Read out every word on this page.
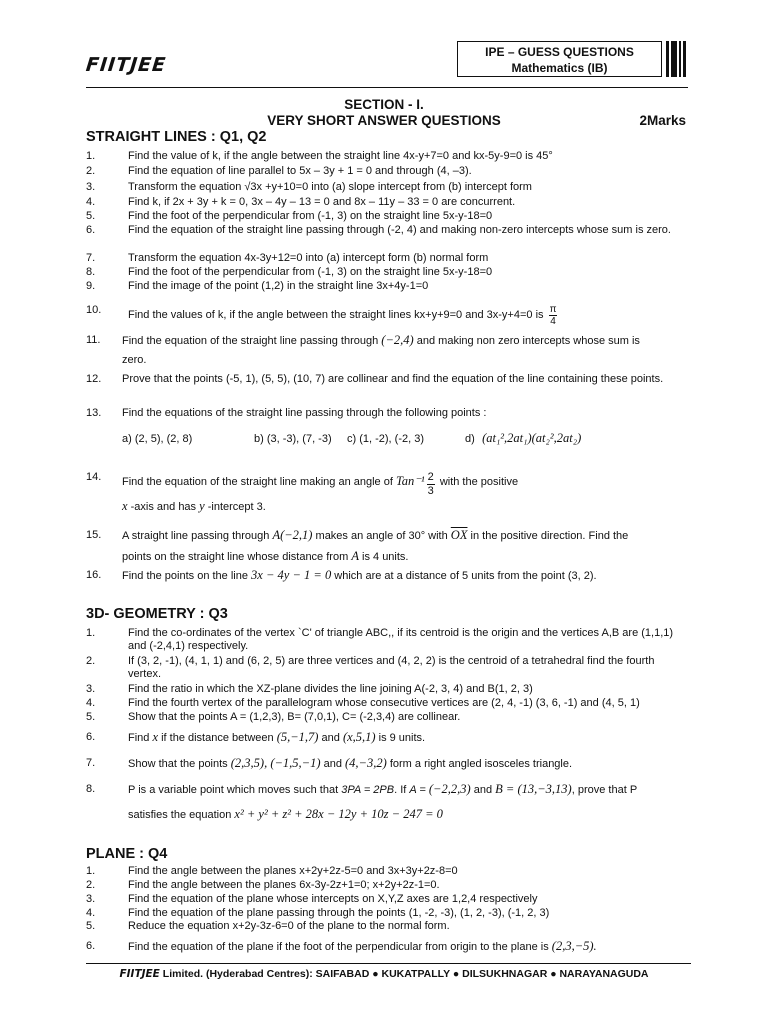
FIITJEE
IPE – GUESS QUESTIONS
Mathematics (IB)
SECTION - I.
VERY SHORT ANSWER QUESTIONS	2Marks
STRAIGHT LINES : Q1, Q2
1.	Find the value of k, if the angle between the straight line 4x-y+7=0 and kx-5y-9=0 is 45°
2.	Find the equation of line parallel to 5x – 3y + 1 = 0 and through (4, –3).
3.	Transform the equation √3x +y+10=0 into (a) slope intercept from (b) intercept form
4.	Find k, if 2x + 3y + k = 0, 3x – 4y – 13 = 0 and 8x – 11y – 33 = 0 are concurrent.
5.	Find the foot of the perpendicular from (-1, 3) on the straight line 5x-y-18=0
6.	Find the equation of the straight line passing through (-2, 4) and making non-zero intercepts whose sum is zero.
7.	Transform the equation 4x-3y+12=0 into (a) intercept form (b) normal form
8.	Find the foot of the perpendicular from (-1, 3) on the straight line 5x-y-18=0
9.	Find the image of the point (1,2) in the straight line 3x+4y-1=0
10. Find the values of k, if the angle between the straight lines kx+y+9=0 and 3x-y+4=0 is $\frac{\pi}{4}$
11. Find the equation of the straight line passing through (−2,4) and making non zero intercepts whose sum is
zero.
12. Prove that the points (-5, 1), (5, 5), (10, 7) are collinear and find the equation of the line containing these points.
13. Find the equations of the straight line passing through the following points :
a) (2, 5), (2, 8)	b) (3, -3), (7, -3) c) (1, -2), (-2, 3)	d) (at₁²,2at₁)(at₂²,2at₂)
14. Find the equation of the straight line making an angle of $Tan^{-1} \frac{2}{3}$ with the positive
x -axis and has y -intercept 3.
15. A straight line passing through A(−2,1) makes an angle of 30° with $\overline{OX}$ in the positive direction. Find the
points on the straight line whose distance from A is 4 units.
16. Find the points on the line 3x − 4y − 1 = 0 which are at a distance of 5 units from the point (3, 2).
3D- GEOMETRY : Q3
1.	Find the co-ordinates of the vertex `C' of triangle ABC,, if its centroid is the origin and the vertices A,B are (1,1,1) and (-2,4,1) respectively.
2.	If (3, 2, -1), (4, 1, 1) and (6, 2, 5) are three vertices and (4, 2, 2) is the centroid of a tetrahedral find the fourth vertex.
3.	Find the ratio in which the XZ-plane divides the line joining A(-2, 3, 4) and B(1, 2, 3)
4.	Find the fourth vertex of the parallelogram whose consecutive vertices are (2, 4, -1) (3, 6, -1) and (4, 5, 1)
5.	Show that the points A = (1,2,3), B= (7,0,1), C= (-2,3,4) are collinear.
6.	Find x if the distance between (5,−1,7) and (x,5,1) is 9 units.
7.	Show that the points (2,3,5), (−1,5,−1) and (4,−3,2) form a right angled isosceles triangle.
8.	P is a variable point which moves such that 3PA = 2PB. If A = (−2,2,3) and B = (13,−3,13), prove that P
satisfies the equation x² + y² + z² + 28x − 12y + 10z − 247 = 0
PLANE : Q4
1.	Find the angle between the planes x+2y+2z-5=0 and 3x+3y+2z-8=0
2.	Find the angle between the planes 6x-3y-2z+1=0; x+2y+2z-1=0.
3.	Find the equation of the plane whose intercepts on X,Y,Z axes are 1,2,4 respectively
4.	Find the equation of the plane passing through the points (1, -2, -3), (1, 2, -3), (-1, 2, 3)
5.	Reduce the equation x+2y-3z-6=0 of the plane to the normal form.
6.	Find the equation of the plane if the foot of the perpendicular from origin to the plane is (2,3,−5).
FIITJEE Limited. (Hyderabad Centres): SAIFABAD ● KUKATPALLY ● DILSUKHNAGAR ● NARAYANAGUDA
